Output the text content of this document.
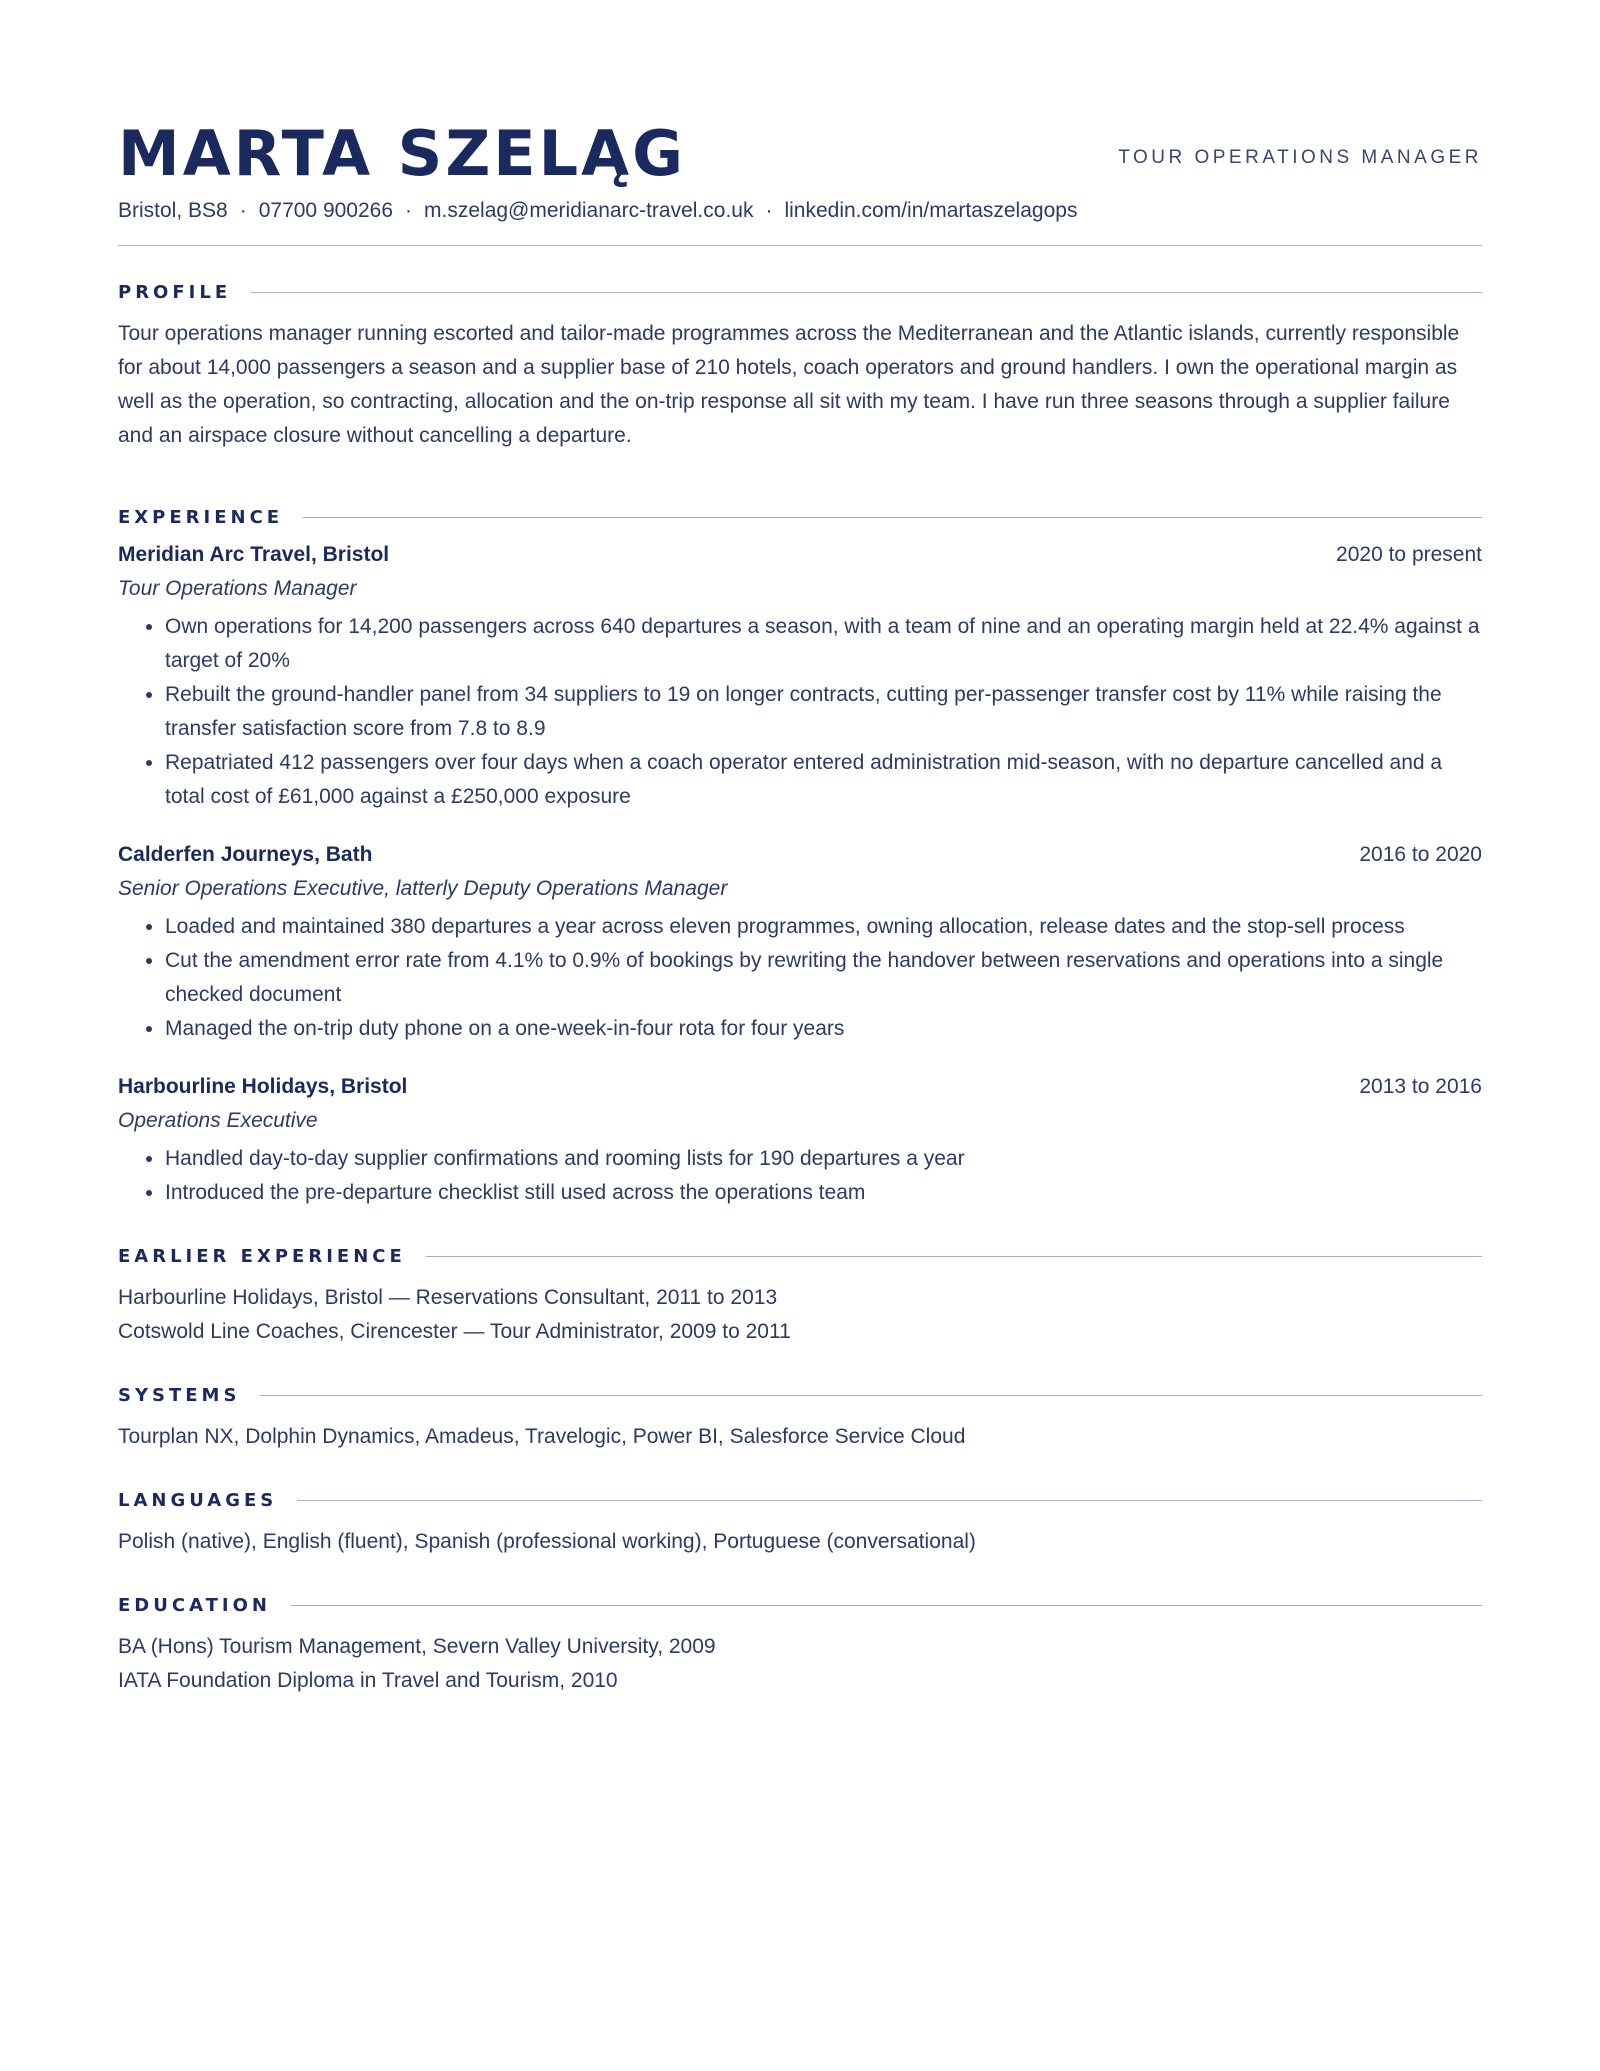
MARTA SZELĄG	TOUR OPERATIONS MANAGER
Bristol, BS8 · 07700 900266 · m.szelag@meridianarc-travel.co.uk · linkedin.com/in/martaszelagops
PROFILE
Tour operations manager running escorted and tailor-made programmes across the Mediterranean and the Atlantic islands, currently responsible for about 14,000 passengers a season and a supplier base of 210 hotels, coach operators and ground handlers. I own the operational margin as well as the operation, so contracting, allocation and the on-trip response all sit with my team. I have run three seasons through a supplier failure and an airspace closure without cancelling a departure.
EXPERIENCE
Meridian Arc Travel, Bristol	2020 to present
Tour Operations Manager
• Own operations for 14,200 passengers across 640 departures a season, with a team of nine and an operating margin held at 22.4% against a target of 20%
• Rebuilt the ground-handler panel from 34 suppliers to 19 on longer contracts, cutting per-passenger transfer cost by 11% while raising the transfer satisfaction score from 7.8 to 8.9
• Repatriated 412 passengers over four days when a coach operator entered administration mid-season, with no departure cancelled and a total cost of £61,000 against a £250,000 exposure
Calderfen Journeys, Bath	2016 to 2020
Senior Operations Executive, latterly Deputy Operations Manager
• Loaded and maintained 380 departures a year across eleven programmes, owning allocation, release dates and the stop-sell process
• Cut the amendment error rate from 4.1% to 0.9% of bookings by rewriting the handover between reservations and operations into a single checked document
• Managed the on-trip duty phone on a one-week-in-four rota for four years
Harbourline Holidays, Bristol	2013 to 2016
Operations Executive
• Handled day-to-day supplier confirmations and rooming lists for 190 departures a year
• Introduced the pre-departure checklist still used across the operations team
EARLIER EXPERIENCE
Harbourline Holidays, Bristol — Reservations Consultant, 2011 to 2013
Cotswold Line Coaches, Cirencester — Tour Administrator, 2009 to 2011
SYSTEMS
Tourplan NX, Dolphin Dynamics, Amadeus, Travelogic, Power BI, Salesforce Service Cloud
LANGUAGES
Polish (native), English (fluent), Spanish (professional working), Portuguese (conversational)
EDUCATION
BA (Hons) Tourism Management, Severn Valley University, 2009
IATA Foundation Diploma in Travel and Tourism, 2010
